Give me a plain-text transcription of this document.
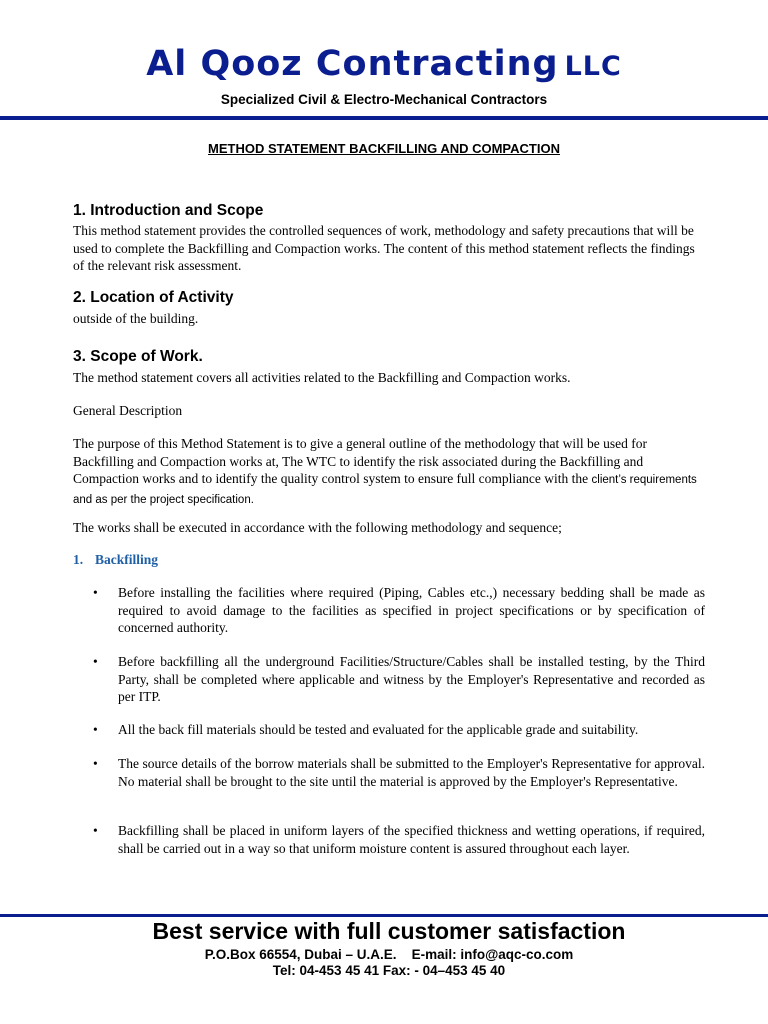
Al Qooz Contracting LLC
Specialized Civil & Electro-Mechanical Contractors
METHOD STATEMENT BACKFILLING AND COMPACTION
1. Introduction and Scope
This method statement provides the controlled sequences of work, methodology and safety precautions that will be used to complete the Backfilling and Compaction works. The content of this method statement reflects the findings of the relevant risk assessment.
2. Location of Activity
outside of the building.
3. Scope of Work.
The method statement covers all activities related to the Backfilling and Compaction works.
General Description
The purpose of this Method Statement is to give a general outline of the methodology that will be used for Backfilling and Compaction works at, The WTC to identify the risk associated during the Backfilling and Compaction works and to identify the quality control system to ensure full compliance with the client’s requirements and as per the project specification.
The works shall be executed in accordance with the following methodology and sequence;
1. Backfilling
• Before installing the facilities where required (Piping, Cables etc.,) necessary bedding shall be made as required to avoid damage to the facilities as specified in project specifications or by specification of concerned authority.
• Before backfilling all the underground Facilities/Structure/Cables shall be installed testing, by the Third Party, shall be completed where applicable and witness by the Employer's Representative and recorded as per ITP.
• All the back fill materials should be tested and evaluated for the applicable grade and suitability.
• The source details of the borrow materials shall be submitted to the Employer's Representative for approval. No material shall be brought to the site until the material is approved by the Employer's Representative.
• Backfilling shall be placed in uniform layers of the specified thickness and wetting operations, if required, shall be carried out in a way so that uniform moisture content is assured throughout each layer.
Best service with full customer satisfaction
P.O.Box 66554, Dubai – U.A.E.    E-mail: info@aqc-co.com
Tel: 04-453 45 41 Fax: - 04–453 45 40
